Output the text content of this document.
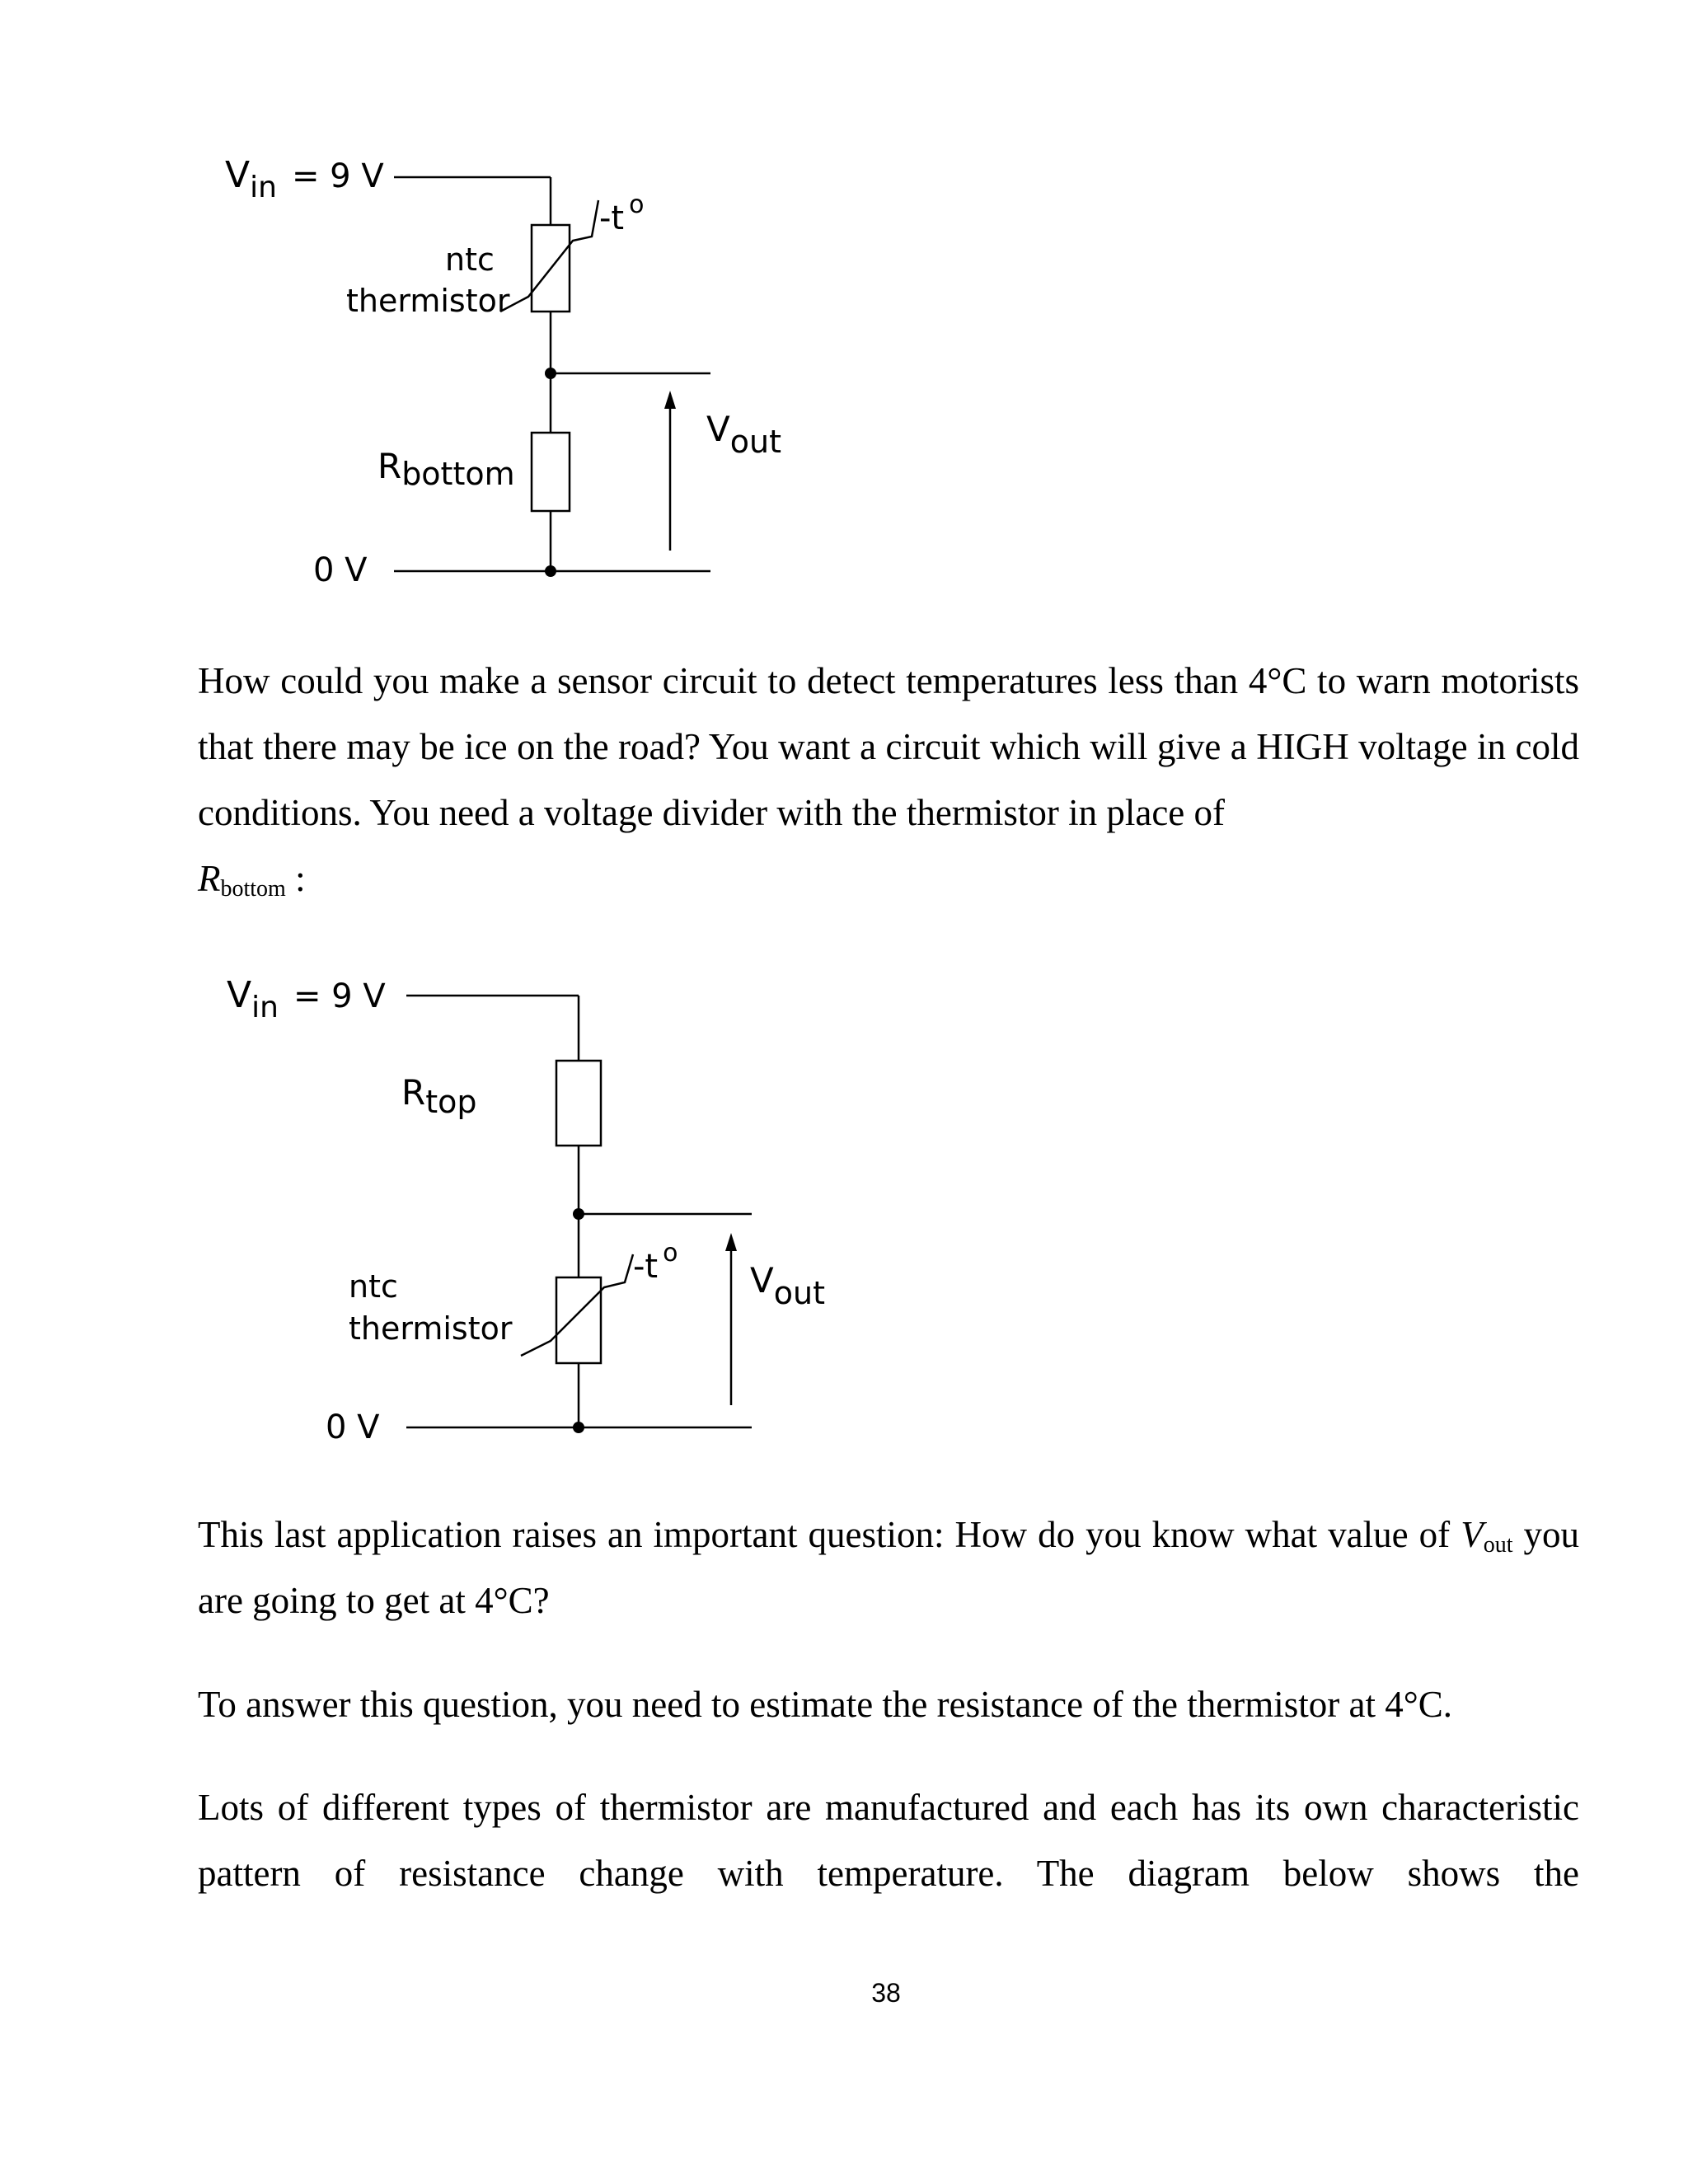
$V_{in} = 9$ V
ntc
thermistor
-t $^o$
Rbottom
Vout
0 V

How could you make a sensor circuit to detect temperatures less than 4°C to warn motorists that there may be ice on the road? You want a circuit which will give a HIGH voltage in cold conditions. You need a voltage divider with the thermistor in place of
$R_{bottom}$ :

$V_{in} = 9$ V
Rtop
ntc
thermistor
-t $^o$
Vout
0 V

This last application raises an important question: How do you know what value of $V_{out}$ you are going to get at 4°C?

To answer this question, you need to estimate the resistance of the thermistor at 4°C.

Lots of different types of thermistor are manufactured and each has its own characteristic pattern of resistance change with temperature. The diagram below shows the

38
